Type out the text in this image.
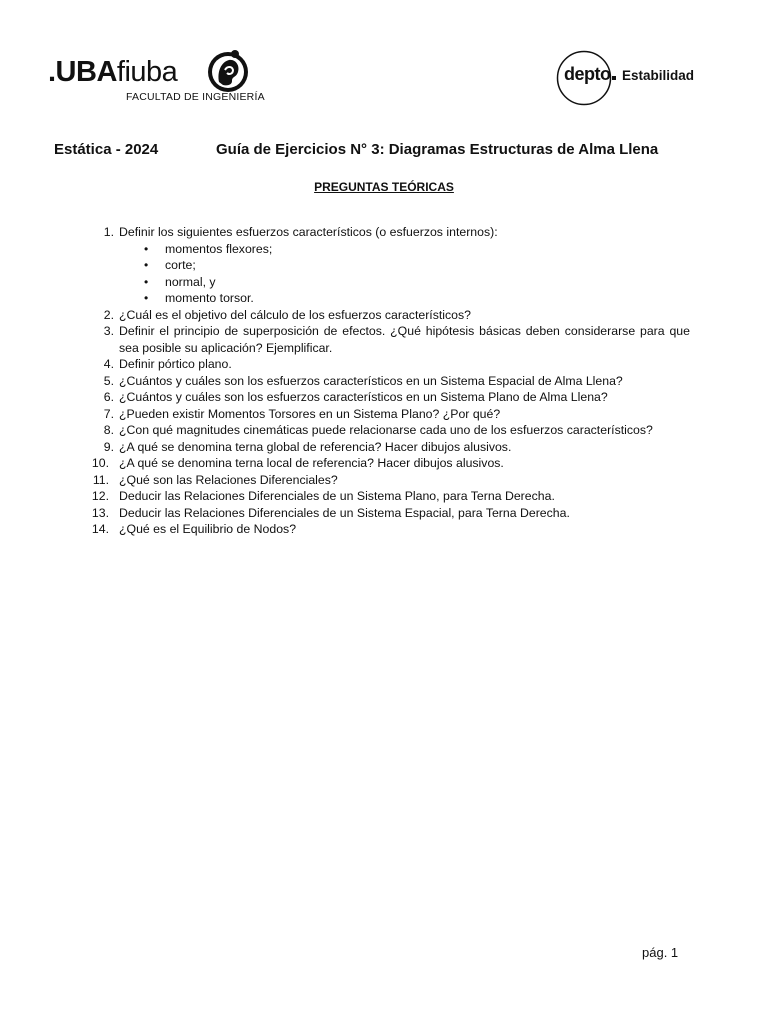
.UBAfiuba
FACULTAD DE INGENIERÍA
depto Estabilidad
Estática - 2024	Guía de Ejercicios N° 3: Diagramas Estructuras de Alma Llena
PREGUNTAS TEÓRICAS
1. Definir los siguientes esfuerzos característicos (o esfuerzos internos):
• momentos flexores;
• corte;
• normal, y
• momento torsor.
2. ¿Cuál es el objetivo del cálculo de los esfuerzos característicos?
3. Definir el principio de superposición de efectos. ¿Qué hipótesis básicas deben considerarse para que sea posible su aplicación? Ejemplificar.
4. Definir pórtico plano.
5. ¿Cuántos y cuáles son los esfuerzos característicos en un Sistema Espacial de Alma Llena?
6. ¿Cuántos y cuáles son los esfuerzos característicos en un Sistema Plano de Alma Llena?
7. ¿Pueden existir Momentos Torsores en un Sistema Plano? ¿Por qué?
8. ¿Con qué magnitudes cinemáticas puede relacionarse cada uno de los esfuerzos característicos?
9. ¿A qué se denomina terna global de referencia? Hacer dibujos alusivos.
10. ¿A qué se denomina terna local de referencia? Hacer dibujos alusivos.
11. ¿Qué son las Relaciones Diferenciales?
12. Deducir las Relaciones Diferenciales de un Sistema Plano, para Terna Derecha.
13. Deducir las Relaciones Diferenciales de un Sistema Espacial, para Terna Derecha.
14. ¿Qué es el Equilibrio de Nodos?
pág. 1
